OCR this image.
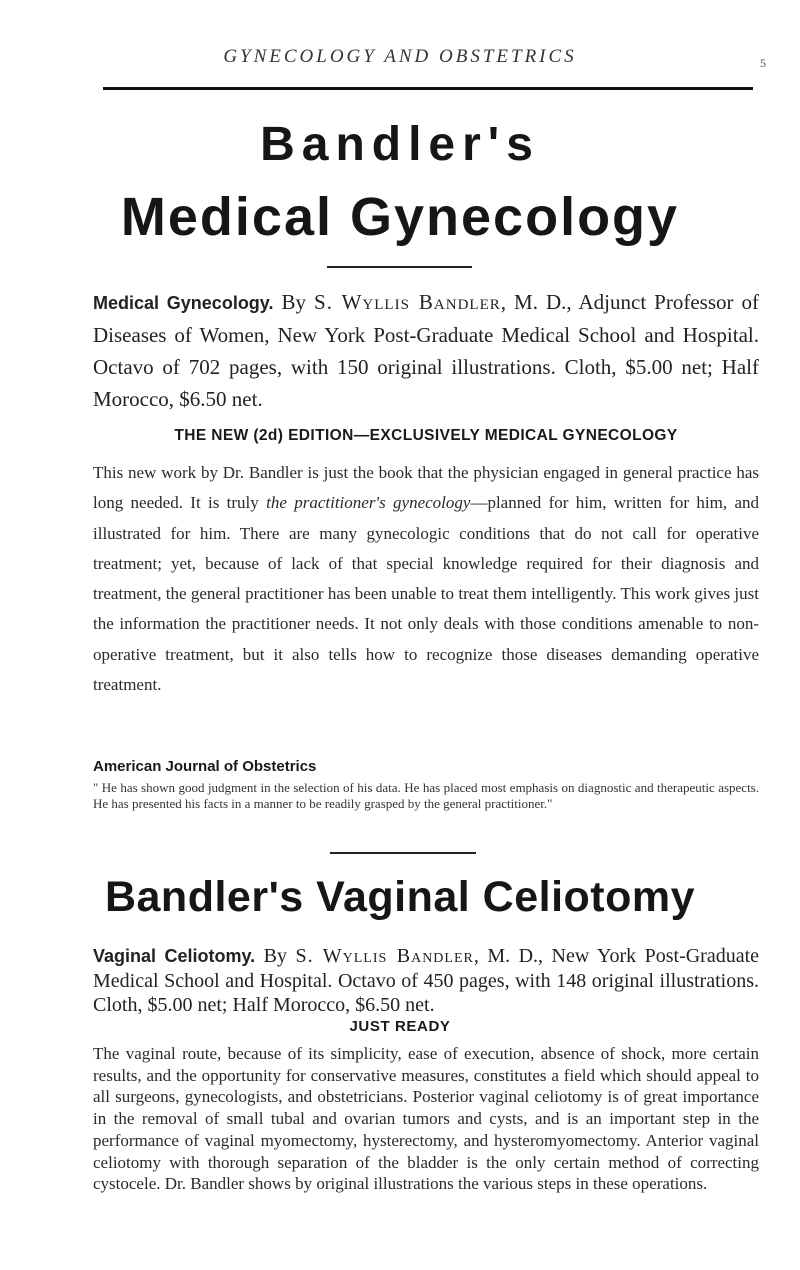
GYNECOLOGY AND OBSTETRICS	5
Bandler's
Medical Gynecology
Medical Gynecology. By S. Wyllis Bandler, M. D., Adjunct Professor of Diseases of Women, New York Post-Graduate Medical School and Hospital. Octavo of 702 pages, with 150 original illustrations. Cloth, $5.00 net; Half Morocco, $6.50 net.
THE NEW (2d) EDITION—EXCLUSIVELY MEDICAL GYNECOLOGY
This new work by Dr. Bandler is just the book that the physician engaged in general practice has long needed. It is truly the practitioner's gynecology—planned for him, written for him, and illustrated for him. There are many gynecologic conditions that do not call for operative treatment; yet, because of lack of that special knowledge required for their diagnosis and treatment, the general practitioner has been unable to treat them intelligently. This work gives just the information the practitioner needs. It not only deals with those conditions amenable to non-operative treatment, but it also tells how to recognize those diseases demanding operative treatment.
American Journal of Obstetrics
" He has shown good judgment in the selection of his data. He has placed most emphasis on diagnostic and therapeutic aspects. He has presented his facts in a manner to be readily grasped by the general practitioner."
Bandler's Vaginal Celiotomy
Vaginal Celiotomy. By S. Wyllis Bandler, M. D., New York Post-Graduate Medical School and Hospital. Octavo of 450 pages, with 148 original illustrations. Cloth, $5.00 net; Half Morocco, $6.50 net.
JUST READY
The vaginal route, because of its simplicity, ease of execution, absence of shock, more certain results, and the opportunity for conservative measures, constitutes a field which should appeal to all surgeons, gynecologists, and obstetricians. Posterior vaginal celiotomy is of great importance in the removal of small tubal and ovarian tumors and cysts, and is an important step in the performance of vaginal myomectomy, hysterectomy, and hysteromyomectomy. Anterior vaginal celiotomy with thorough separation of the bladder is the only certain method of correcting cystocele. Dr. Bandler shows by original illustrations the various steps in these operations.
